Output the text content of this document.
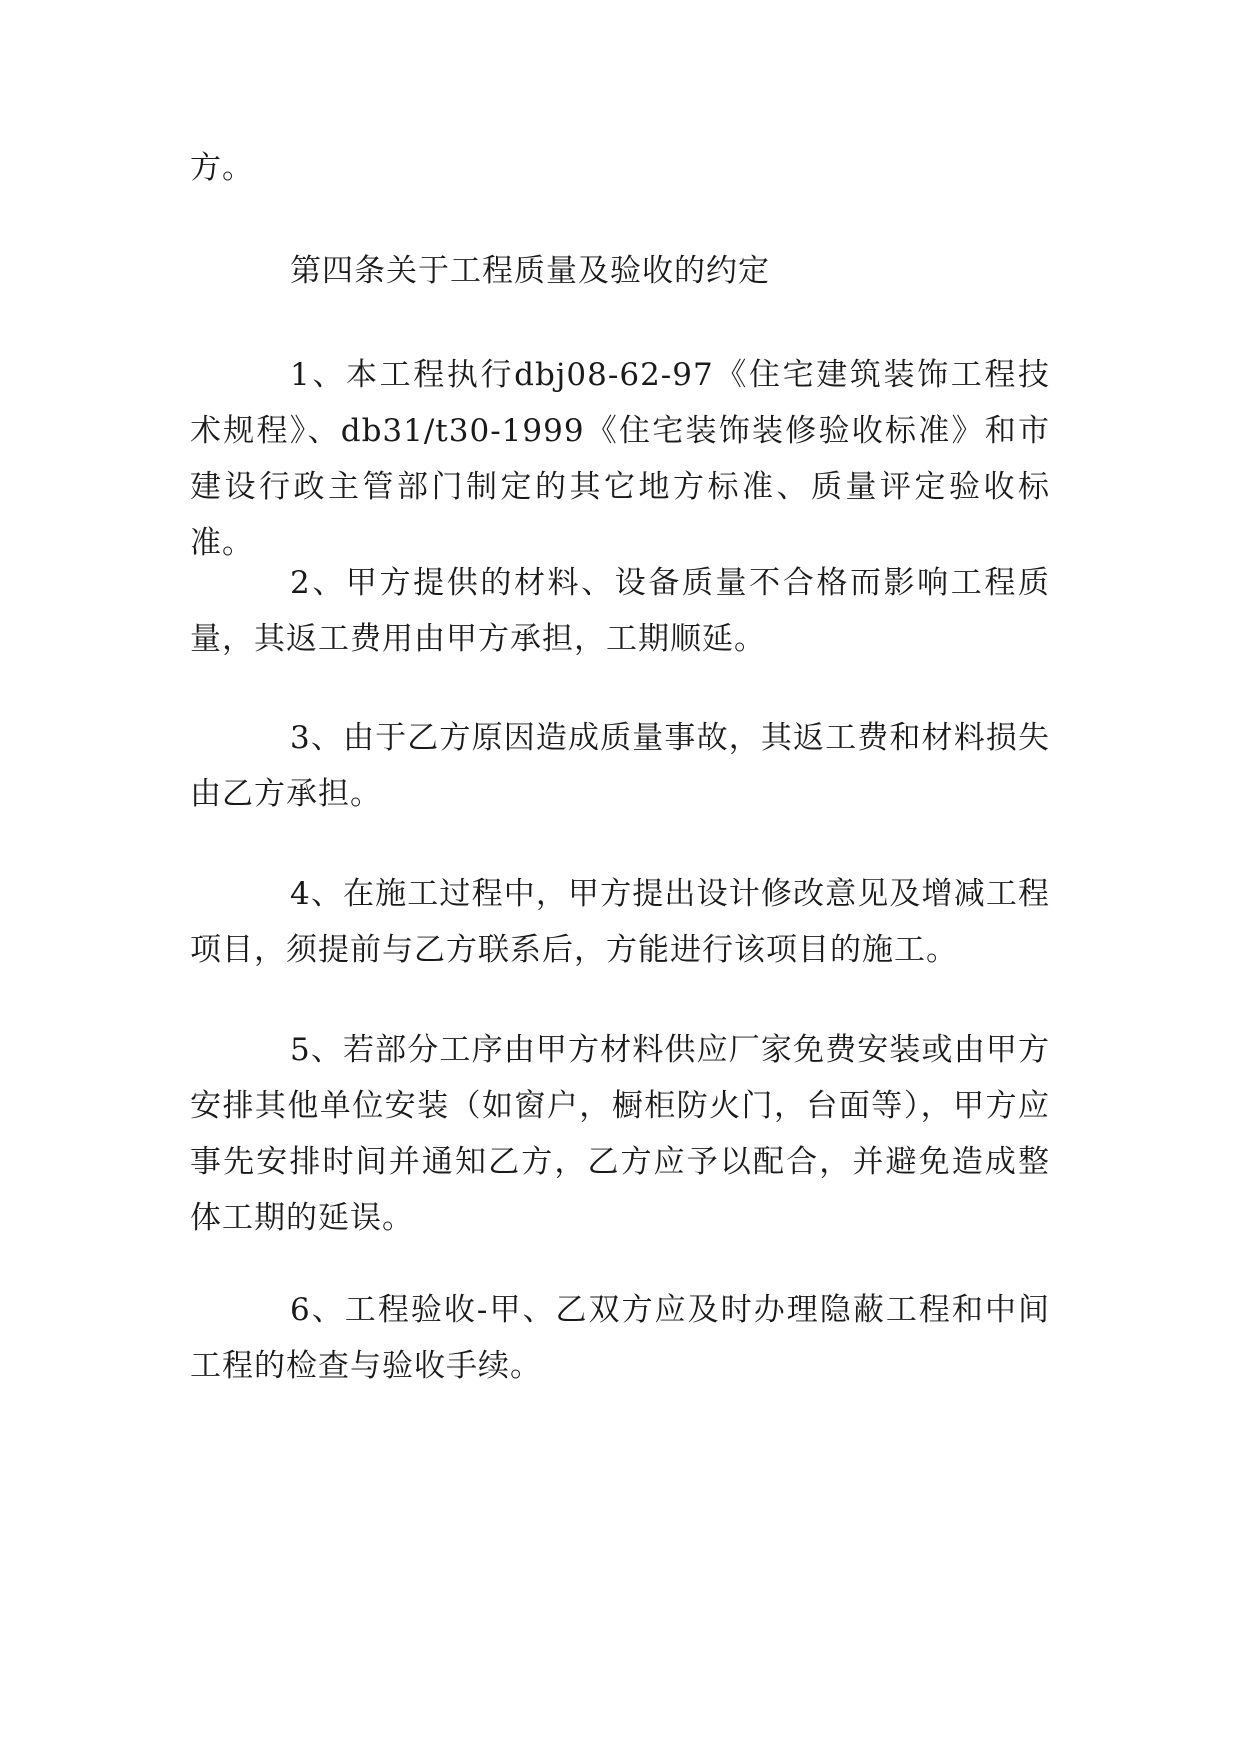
方。

第四条关于工程质量及验收的约定

1、本工程执行dbj08-62-97《住宅建筑装饰工程技术规程》、db31/t30-1999《住宅装饰装修验收标准》和市建设行政主管部门制定的其它地方标准、质量评定验收标准。

2、甲方提供的材料、设备质量不合格而影响工程质量，其返工费用由甲方承担，工期顺延。

3、由于乙方原因造成质量事故，其返工费和材料损失由乙方承担。

4、在施工过程中，甲方提出设计修改意见及增减工程项目，须提前与乙方联系后，方能进行该项目的施工。

5、若部分工序由甲方材料供应厂家免费安装或由甲方安排其他单位安装（如窗户，橱柜防火门，台面等），甲方应事先安排时间并通知乙方，乙方应予以配合，并避免造成整体工期的延误。

6、工程验收-甲、乙双方应及时办理隐蔽工程和中间工程的检查与验收手续。
